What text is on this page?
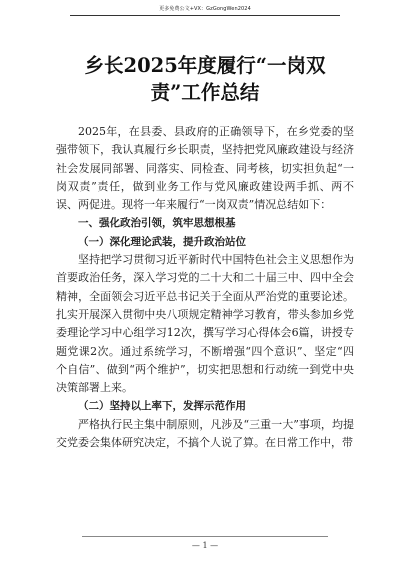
更多免费公文+VX：GzGongWen2024
乡长2025年度履行“一岗双责”工作总结

2025年，在县委、县政府的正确领导下，在乡党委的坚强带领下，我认真履行乡长职责，坚持把党风廉政建设与经济社会发展同部署、同落实、同检查、同考核，切实担负起“一岗双责”责任，做到业务工作与党风廉政建设两手抓、两不误、两促进。现将一年来履行“一岗双责”情况总结如下：

一、强化政治引领，筑牢思想根基

（一）深化理论武装，提升政治站位

坚持把学习贯彻习近平新时代中国特色社会主义思想作为首要政治任务，深入学习党的二十大和二十届三中、四中全会精神，全面领会习近平总书记关于全面从严治党的重要论述。扎实开展深入贯彻中央八项规定精神学习教育，带头参加乡党委理论学习中心组学习12次，撰写学习心得体会6篇，讲授专题党课2次。通过系统学习，不断增强“四个意识”、坚定“四个自信”、做到“两个维护”，切实把思想和行动统一到党中央决策部署上来。

（二）坚持以上率下，发挥示范作用

严格执行民主集中制原则，凡涉及“三重一大”事项，均提交党委会集体研究决定，不搞个人说了算。在日常工作中，带

— 1 —
